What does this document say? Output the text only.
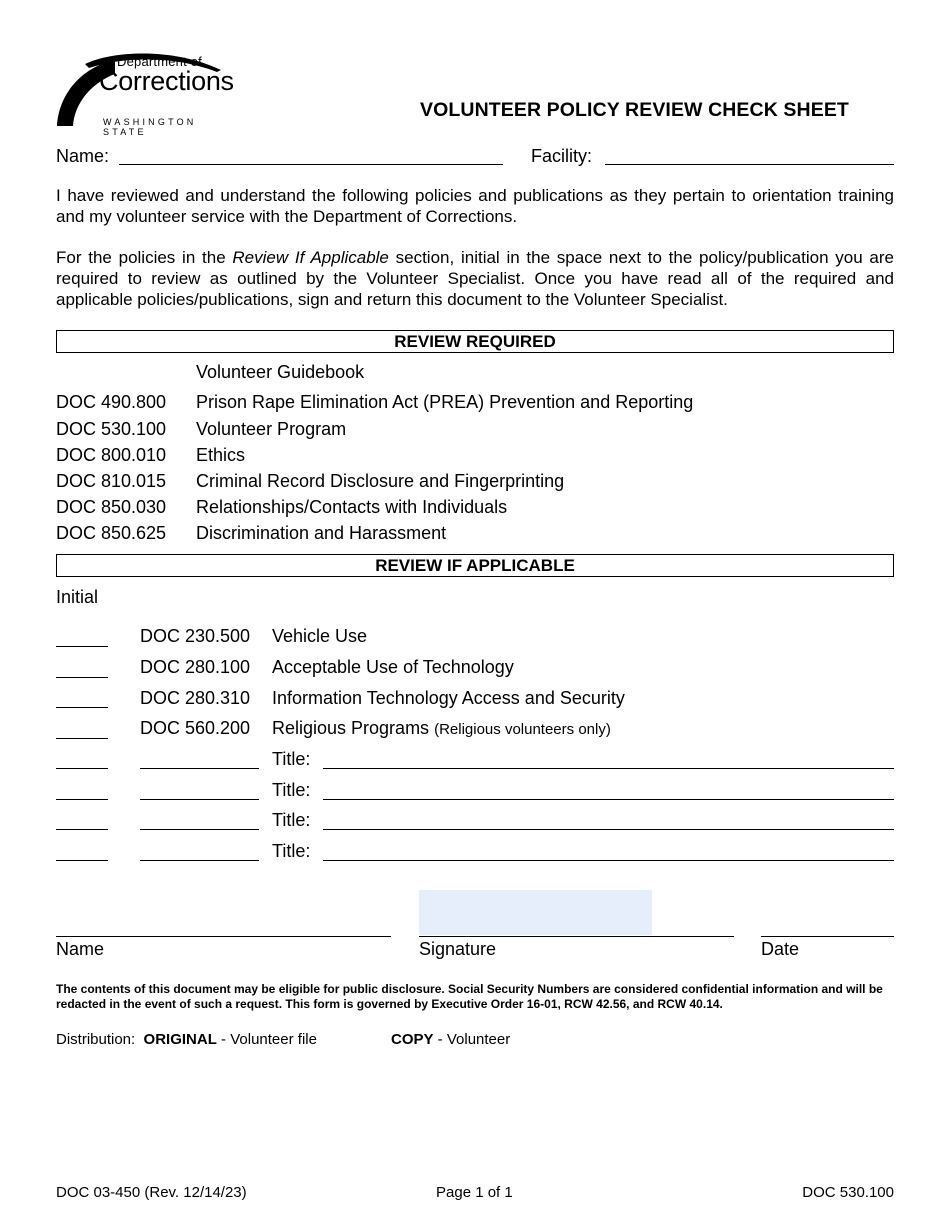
Department of
Corrections
WASHINGTON STATE
VOLUNTEER POLICY REVIEW CHECK SHEET
Name:	Facility:
I have reviewed and understand the following policies and publications as they pertain to orientation training and my volunteer service with the Department of Corrections.
For the policies in the Review If Applicable section, initial in the space next to the policy/publication you are required to review as outlined by the Volunteer Specialist. Once you have read all of the required and applicable policies/publications, sign and return this document to the Volunteer Specialist.
REVIEW REQUIRED
Volunteer Guidebook
DOC 490.800 Prison Rape Elimination Act (PREA) Prevention and Reporting
DOC 530.100 Volunteer Program
DOC 800.010 Ethics
DOC 810.015 Criminal Record Disclosure and Fingerprinting
DOC 850.030 Relationships/Contacts with Individuals
DOC 850.625 Discrimination and Harassment
REVIEW IF APPLICABLE
Initial
DOC 230.500 Vehicle Use
DOC 280.100 Acceptable Use of Technology
DOC 280.310 Information Technology Access and Security
DOC 560.200 Religious Programs (Religious volunteers only)
Title:
Title:
Title:
Title:
Name	Signature	Date
The contents of this document may be eligible for public disclosure. Social Security Numbers are considered confidential information and will be redacted in the event of such a request. This form is governed by Executive Order 16-01, RCW 42.56, and RCW 40.14.
Distribution: ORIGINAL - Volunteer file	COPY - Volunteer
DOC 03-450 (Rev. 12/14/23)	Page 1 of 1	DOC 530.100
